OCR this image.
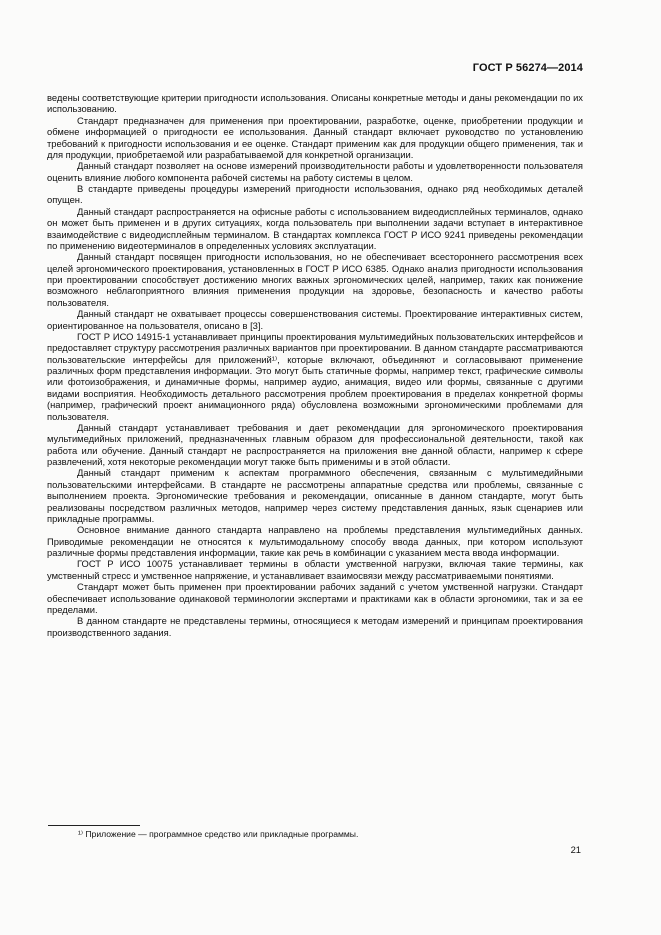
ГОСТ Р 56274—2014

ведены соответствующие критерии пригодности использования. Описаны конкретные методы и даны рекомендации по их использованию.

Стандарт предназначен для применения при проектировании, разработке, оценке, приобретении продукции и обмене информацией о пригодности ее использования. Данный стандарт включает руководство по установлению требований к пригодности использования и ее оценке. Стандарт применим как для продукции общего применения, так и для продукции, приобретаемой или разрабатываемой для конкретной организации.

Данный стандарт позволяет на основе измерений производительности работы и удовлетворенности пользователя оценить влияние любого компонента рабочей системы на работу системы в целом.

В стандарте приведены процедуры измерений пригодности использования, однако ряд необходимых деталей опущен.

Данный стандарт распространяется на офисные работы с использованием видеодисплейных терминалов, однако он может быть применен и в других ситуациях, когда пользователь при выполнении задачи вступает в интерактивное взаимодействие с видеодисплейным терминалом. В стандартах комплекса ГОСТ Р ИСО 9241 приведены рекомендации по применению видеотерминалов в определенных условиях эксплуатации.

Данный стандарт посвящен пригодности использования, но не обеспечивает всестороннего рассмотрения всех целей эргономического проектирования, установленных в ГОСТ Р ИСО 6385. Однако анализ пригодности использования при проектировании способствует достижению многих важных эргономических целей, например, таких как понижение возможного неблагоприятного влияния применения продукции на здоровье, безопасность и качество работы пользователя.

Данный стандарт не охватывает процессы совершенствования системы. Проектирование интерактивных систем, ориентированное на пользователя, описано в [3].

ГОСТ Р ИСО 14915-1 устанавливает принципы проектирования мультимедийных пользовательских интерфейсов и предоставляет структуру рассмотрения различных вариантов при проектировании. В данном стандарте рассматриваются пользовательские интерфейсы для приложений¹⁾, которые включают, объединяют и согласовывают применение различных форм представления информации. Это могут быть статичные формы, например текст, графические символы или фотоизображения, и динамичные формы, например аудио, анимация, видео или формы, связанные с другими видами восприятия. Необходимость детального рассмотрения проблем проектирования в пределах конкретной формы (например, графический проект анимационного ряда) обусловлена возможными эргономическими проблемами для пользователя.

Данный стандарт устанавливает требования и дает рекомендации для эргономического проектирования мультимедийных приложений, предназначенных главным образом для профессиональной деятельности, такой как работа или обучение. Данный стандарт не распространяется на приложения вне данной области, например к сфере развлечений, хотя некоторые рекомендации могут также быть применимы и в этой области.

Данный стандарт применим к аспектам программного обеспечения, связанным с мультимедийными пользовательскими интерфейсами. В стандарте не рассмотрены аппаратные средства или проблемы, связанные с выполнением проекта. Эргономические требования и рекомендации, описанные в данном стандарте, могут быть реализованы посредством различных методов, например через систему представления данных, язык сценариев или прикладные программы.

Основное внимание данного стандарта направлено на проблемы представления мультимедийных данных. Приводимые рекомендации не относятся к мультимодальному способу ввода данных, при котором используют различные формы представления информации, такие как речь в комбинации с указанием места ввода информации.

ГОСТ Р ИСО 10075 устанавливает термины в области умственной нагрузки, включая такие термины, как умственный стресс и умственное напряжение, и устанавливает взаимосвязи между рассматриваемыми понятиями.

Стандарт может быть применен при проектировании рабочих заданий с учетом умственной нагрузки. Стандарт обеспечивает использование одинаковой терминологии экспертами и практиками как в области эргономики, так и за ее пределами.

В данном стандарте не представлены термины, относящиеся к методам измерений и принципам проектирования производственного задания.

¹⁾ Приложение — программное средство или прикладные программы.
21
